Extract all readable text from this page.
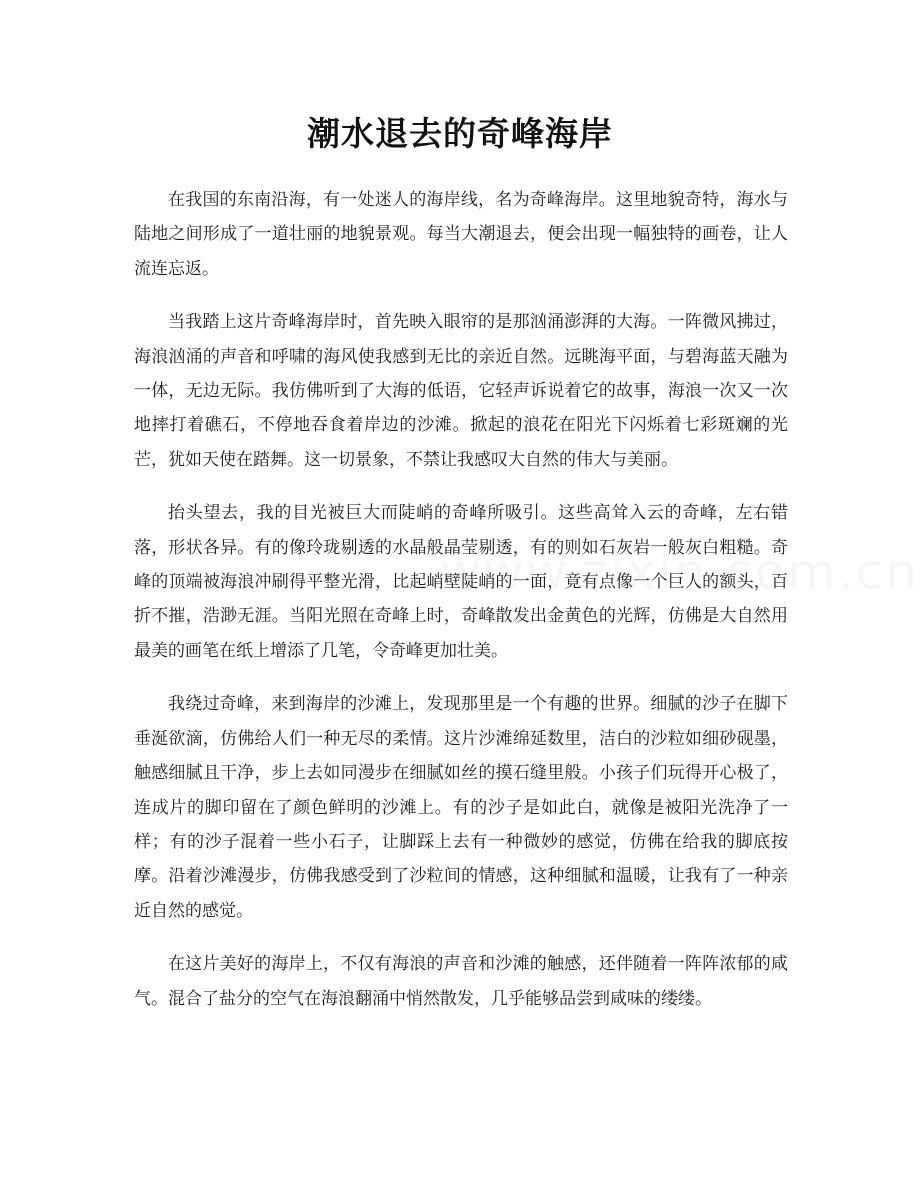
潮水退去的奇峰海岸

在我国的东南沿海，有一处迷人的海岸线，名为奇峰海岸。这里地貌奇特，海水与陆地之间形成了一道壮丽的地貌景观。每当大潮退去，便会出现一幅独特的画卷，让人流连忘返。

当我踏上这片奇峰海岸时，首先映入眼帘的是那汹涌澎湃的大海。一阵微风拂过，海浪汹涌的声音和呼啸的海风使我感到无比的亲近自然。远眺海平面，与碧海蓝天融为一体，无边无际。我仿佛听到了大海的低语，它轻声诉说着它的故事，海浪一次又一次地摔打着礁石，不停地吞食着岸边的沙滩。掀起的浪花在阳光下闪烁着七彩斑斓的光芒，犹如天使在踏舞。这一切景象，不禁让我感叹大自然的伟大与美丽。

抬头望去，我的目光被巨大而陡峭的奇峰所吸引。这些高耸入云的奇峰，左右错落，形状各异。有的像玲珑剔透的水晶般晶莹剔透，有的则如石灰岩一般灰白粗糙。奇峰的顶端被海浪冲刷得平整光滑，比起峭壁陡峭的一面，竟有点像一个巨人的额头，百折不摧，浩渺无涯。当阳光照在奇峰上时，奇峰散发出金黄色的光辉，仿佛是大自然用最美的画笔在纸上增添了几笔，令奇峰更加壮美。

我绕过奇峰，来到海岸的沙滩上，发现那里是一个有趣的世界。细腻的沙子在脚下垂涎欲滴，仿佛给人们一种无尽的柔情。这片沙滩绵延数里，洁白的沙粒如细砂砚墨，触感细腻且干净，步上去如同漫步在细腻如丝的摸石缝里般。小孩子们玩得开心极了，连成片的脚印留在了颜色鲜明的沙滩上。有的沙子是如此白，就像是被阳光洗净了一样；有的沙子混着一些小石子，让脚踩上去有一种微妙的感觉，仿佛在给我的脚底按摩。沿着沙滩漫步，仿佛我感受到了沙粒间的情感，这种细腻和温暖，让我有了一种亲近自然的感觉。

在这片美好的海岸上，不仅有海浪的声音和沙滩的触感，还伴随着一阵阵浓郁的咸气。混合了盐分的空气在海浪翻涌中悄然散发，几乎能够品尝到咸味的缕缕。
